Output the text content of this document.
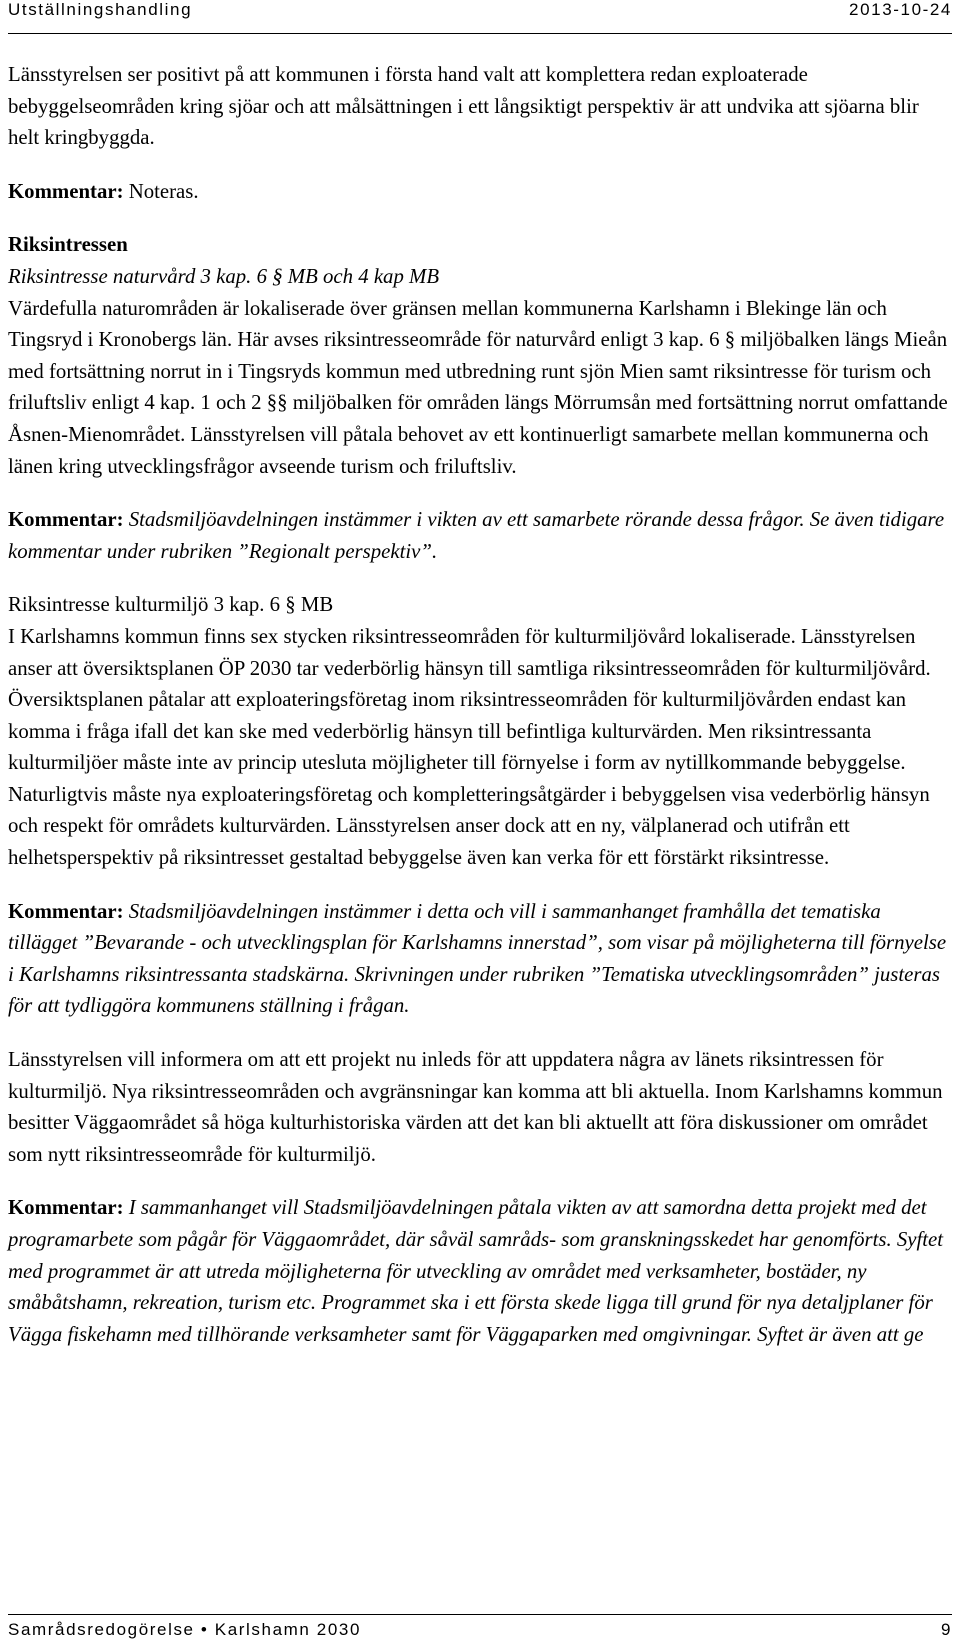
Utställningshandling	2013-10-24

Länsstyrelsen ser positivt på att kommunen i första hand valt att komplettera redan exploaterade bebyggelseområden kring sjöar och att målsättningen i ett långsiktigt perspektiv är att undvika att sjöarna blir helt kringbyggda.

Kommentar: Noteras.

Riksintressen

Riksintresse naturvård 3 kap. 6 § MB och 4 kap MB

Värdefulla naturområden är lokaliserade över gränsen mellan kommunerna Karlshamn i Blekinge län och Tingsryd i Kronobergs län. Här avses riksintresseområde för naturvård enligt 3 kap. 6 § miljöbalken längs Mieån med fortsättning norrut in i Tingsryds kommun med utbredning runt sjön Mien samt riksintresse för turism och friluftsliv enligt 4 kap. 1 och 2 §§ miljöbalken för områden längs Mörrumsån med fortsättning norrut omfattande Åsnen-Mienområdet. Länsstyrelsen vill påtala behovet av ett kontinuerligt samarbete mellan kommunerna och länen kring utvecklingsfrågor avseende turism och friluftsliv.

Kommentar: Stadsmiljöavdelningen instämmer i vikten av ett samarbete rörande dessa frågor. Se även tidigare kommentar under rubriken ”Regionalt perspektiv”.

Riksintresse kulturmiljö 3 kap. 6 § MB

I Karlshamns kommun finns sex stycken riksintresseområden för kulturmiljövård lokaliserade. Länsstyrelsen anser att översiktsplanen ÖP 2030 tar vederbörlig hänsyn till samtliga riksintresseområden för kulturmiljövård. Översiktsplanen påtalar att exploateringsföretag inom riksintresseområden för kulturmiljövården endast kan komma i fråga ifall det kan ske med vederbörlig hänsyn till befintliga kulturvärden. Men riksintressanta kulturmiljöer måste inte av princip utesluta möjligheter till förnyelse i form av nytillkommande bebyggelse. Naturligtvis måste nya exploateringsföretag och kompletteringsåtgärder i bebyggelsen visa vederbörlig hänsyn och respekt för områdets kulturvärden. Länsstyrelsen anser dock att en ny, välplanerad och utifrån ett helhetsperspektiv på riksintresset gestaltad bebyggelse även kan verka för ett förstärkt riksintresse.

Kommentar: Stadsmiljöavdelningen instämmer i detta och vill i sammanhanget framhålla det tematiska tillägget ”Bevarande - och utvecklingsplan för Karlshamns innerstad”, som visar på möjligheterna till förnyelse i Karlshamns riksintressanta stadskärna. Skrivningen under rubriken ”Tematiska utvecklingsområden” justeras för att tydliggöra kommunens ställning i frågan.

Länsstyrelsen vill informera om att ett projekt nu inleds för att uppdatera några av länets riksintressen för kulturmiljö. Nya riksintresseområden och avgränsningar kan komma att bli aktuella. Inom Karlshamns kommun besitter Väggaområdet så höga kulturhistoriska värden att det kan bli aktuellt att föra diskussioner om området som nytt riksintresseområde för kulturmiljö.

Kommentar: I sammanhanget vill Stadsmiljöavdelningen påtala vikten av att samordna detta projekt med det programarbete som pågår för Väggaområdet, där såväl samråds- som granskningsskedet har genomförts. Syftet med programmet är att utreda möjligheterna för utveckling av området med verksamheter, bostäder, ny småbåtshamn, rekreation, turism etc. Programmet ska i ett första skede ligga till grund för nya detaljplaner för Vägga fiskehamn med tillhörande verksamheter samt för Väggaparken med omgivningar. Syftet är även att ge

Samrådsredogörelse • Karlshamn 2030	9
